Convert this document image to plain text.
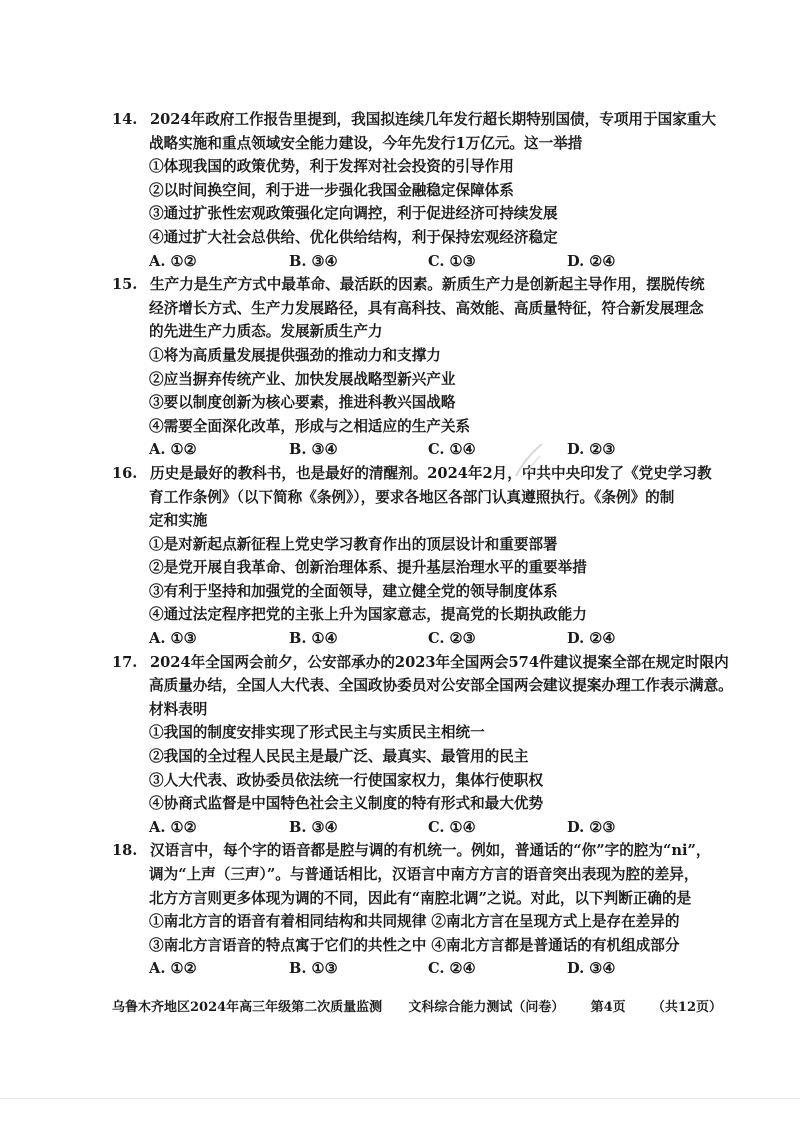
14. 2024年政府工作报告里提到，我国拟连续几年发行超长期特别国债，专项用于国家重大
战略实施和重点领域安全能力建设，今年先发行1万亿元。这一举措
①体现我国的政策优势，利于发挥对社会投资的引导作用
②以时间换空间，利于进一步强化我国金融稳定保障体系
③通过扩张性宏观政策强化定向调控，利于促进经济可持续发展
④通过扩大社会总供给、优化供给结构，利于保持宏观经济稳定
A. ①②	B. ③④	C. ①③	D. ②④
15. 生产力是生产方式中最革命、最活跃的因素。新质生产力是创新起主导作用，摆脱传统
经济增长方式、生产力发展路径，具有高科技、高效能、高质量特征，符合新发展理念
的先进生产力质态。发展新质生产力
①将为高质量发展提供强劲的推动力和支撑力
②应当摒弃传统产业、加快发展战略型新兴产业
③要以制度创新为核心要素，推进科教兴国战略
④需要全面深化改革，形成与之相适应的生产关系
A. ①②	B. ③④	C. ①④	D. ②③
16. 历史是最好的教科书，也是最好的清醒剂。2024年2月，中共中央印发了《党史学习教
育工作条例》（以下简称《条例》），要求各地区各部门认真遵照执行。《条例》的制
定和实施
①是对新起点新征程上党史学习教育作出的顶层设计和重要部署
②是党开展自我革命、创新治理体系、提升基层治理水平的重要举措
③有利于坚持和加强党的全面领导，建立健全党的领导制度体系
④通过法定程序把党的主张上升为国家意志，提高党的长期执政能力
A. ①③	B. ①④	C. ②③	D. ②④
17. 2024年全国两会前夕，公安部承办的2023年全国两会574件建议提案全部在规定时限内
高质量办结，全国人大代表、全国政协委员对公安部全国两会建议提案办理工作表示满意。
材料表明
①我国的制度安排实现了形式民主与实质民主相统一
②我国的全过程人民民主是最广泛、最真实、最管用的民主
③人大代表、政协委员依法统一行使国家权力，集体行使职权
④协商式监督是中国特色社会主义制度的特有形式和最大优势
A. ①②	B. ③④	C. ①④	D. ②③
18. 汉语言中，每个字的语音都是腔与调的有机统一。例如，普通话的“你”字的腔为“ni”，
调为“上声（三声）”。与普通话相比，汉语言中南方方言的语音突出表现为腔的差异，
北方方言则更多体现为调的不同，因此有“南腔北调”之说。对此，以下判断正确的是
①南北方言的语音有着相同结构和共同规律 ②南北方言在呈现方式上是存在差异的
③南北方言语音的特点寓于它们的共性之中 ④南北方言都是普通话的有机组成部分
A. ①②	B. ①③	C. ②④	D. ③④
乌鲁木齐地区2024年高三年级第二次质量监测 文科综合能力测试（问卷） 第4页 （共12页）
